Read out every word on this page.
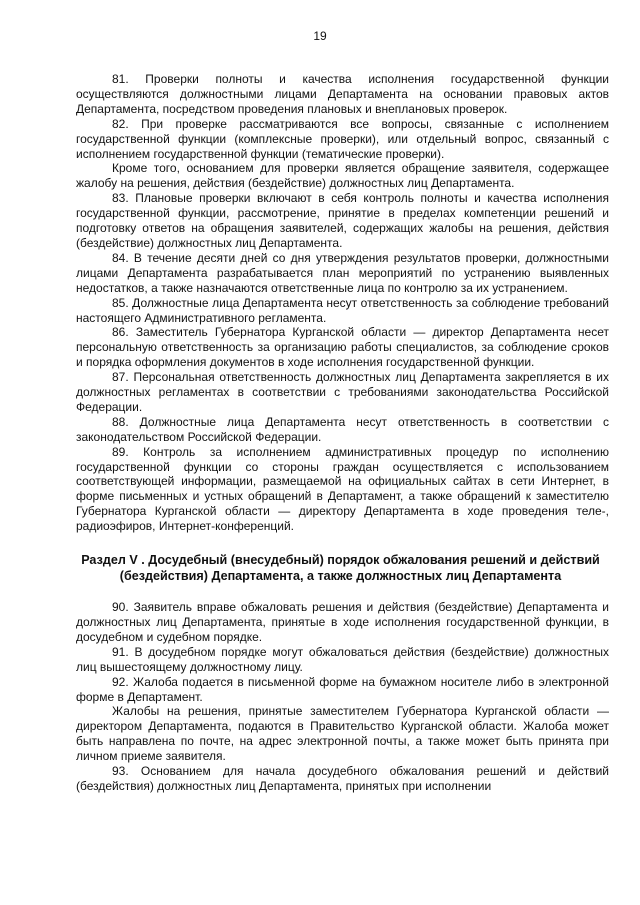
19

81. Проверки полноты и качества исполнения государственной функции осуществляются должностными лицами Департамента на основании правовых актов Департамента, посредством проведения плановых и внеплановых проверок.

82. При проверке рассматриваются все вопросы, связанные с исполнением государственной функции (комплексные проверки), или отдельный вопрос, связанный с исполнением государственной функции (тематические проверки).

Кроме того, основанием для проверки является обращение заявителя, содержащее жалобу на решения, действия (бездействие) должностных лиц Департамента.

83. Плановые проверки включают в себя контроль полноты и качества исполнения государственной функции, рассмотрение, принятие в пределах компетенции решений и подготовку ответов на обращения заявителей, содержащих жалобы на решения, действия (бездействие) должностных лиц Департамента.

84. В течение десяти дней со дня утверждения результатов проверки, должностными лицами Департамента разрабатывается план мероприятий по устранению выявленных недостатков, а также назначаются ответственные лица по контролю за их устранением.

85. Должностные лица Департамента несут ответственность за соблюдение требований настоящего Административного регламента.

86. Заместитель Губернатора Курганской области — директор Департамента несет персональную ответственность за организацию работы специалистов, за соблюдение сроков и порядка оформления документов в ходе исполнения государственной функции.

87. Персональная ответственность должностных лиц Департамента закрепляется в их должностных регламентах в соответствии с требованиями законодательства Российской Федерации.

88. Должностные лица Департамента несут ответственность в соответствии с законодательством Российской Федерации.

89. Контроль за исполнением административных процедур по исполнению государственной функции со стороны граждан осуществляется с использованием соответствующей информации, размещаемой на официальных сайтах в сети Интернет, в форме письменных и устных обращений в Департамент, а также обращений к заместителю Губернатора Курганской области — директору Департамента в ходе проведения теле-, радиоэфиров, Интернет-конференций.

Раздел V . Досудебный (внесудебный) порядок обжалования решений и действий (бездействия) Департамента, а также должностных лиц Департамента

90. Заявитель вправе обжаловать решения и действия (бездействие) Департамента и должностных лиц Департамента, принятые в ходе исполнения государственной функции, в досудебном и судебном порядке.

91. В досудебном порядке могут обжаловаться действия (бездействие) должностных лиц вышестоящему должностному лицу.

92. Жалоба подается в письменной форме на бумажном носителе либо в электронной форме в Департамент.

Жалобы на решения, принятые заместителем Губернатора Курганской области — директором Департамента, подаются в Правительство Курганской области. Жалоба может быть направлена по почте, на адрес электронной почты, а также может быть принята при личном приеме заявителя.

93. Основанием для начала досудебного обжалования решений и действий (бездействия) должностных лиц Департамента, принятых при исполнении
